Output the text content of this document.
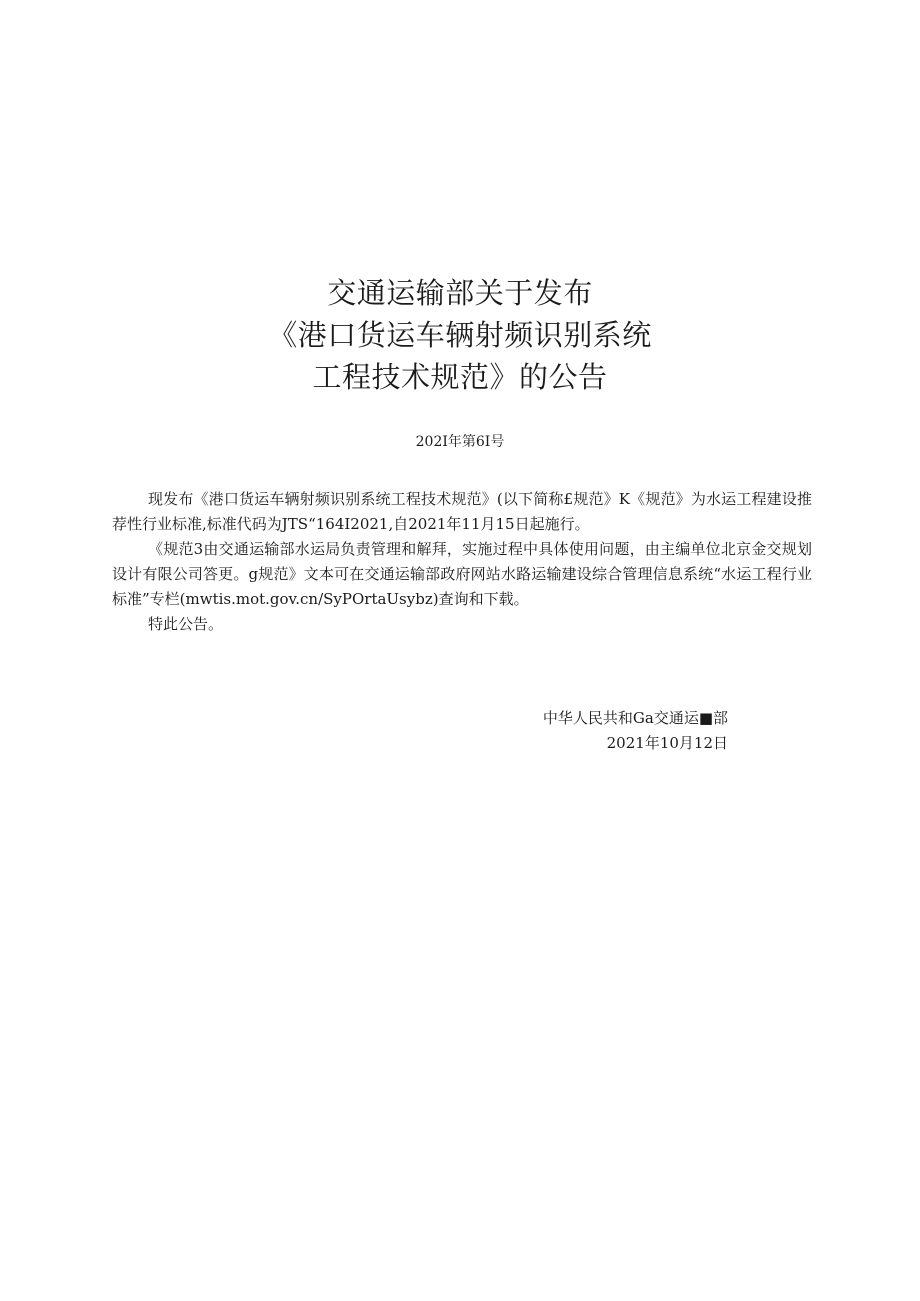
交通运输部关于发布
《港口货运车辆射频识别系统
工程技术规范》的公告
202I年第6I号

现发布《港口货运车辆射频识别系统工程技术规范》(以下简称£规范》K《规范》为水运工程建设推荐性行业标准,标准代码为JTS“164I2021,自2021年11月15日起施行。

《规范3由交通运输部水运局负责管理和解拜，实施过程中具体使用问题，由主编单位北京金交规划设计有限公司答更。g规范》文本可在交通运输部政府网站水路运输建设综合管理信息系统“水运工程行业标准”专栏(mwtis.mot.gov.cn/SyPOrtaUsybz)查询和下载。

特此公告。

中华人民共和Ga交通运■部
2021年10月12日
